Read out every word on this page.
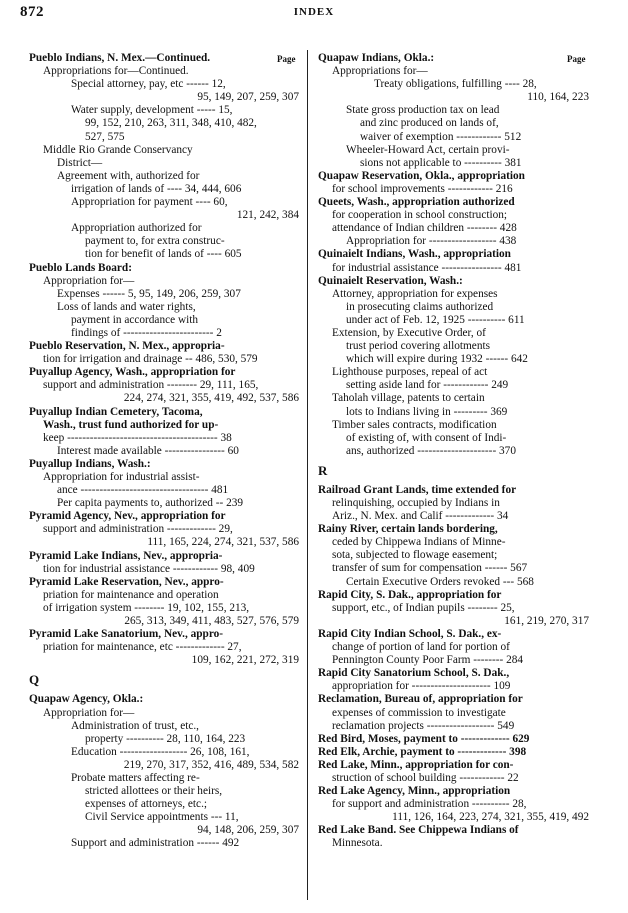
872	INDEX
Page	Page
Pueblo Indians, N. Mex.—Continued.
Appropriations for—Continued.
Special attorney, pay, etc ------ 12,
95, 149, 207, 259, 307
Water supply, development ----- 15,
99, 152, 210, 263, 311, 348, 410, 482,
527, 575
Middle Rio Grande Conservancy
District—
Agreement with, authorized for
irrigation of lands of ---- 34, 444, 606
Appropriation for payment ---- 60,
121, 242, 384
Appropriation authorized for
payment to, for extra construc-
tion for benefit of lands of ---- 605
Pueblo Lands Board:
Appropriation for—
Expenses ------ 5, 95, 149, 206, 259, 307
Loss of lands and water rights,
payment in accordance with
findings of ------------------------ 2
Pueblo Reservation, N. Mex., appropria-
tion for irrigation and drainage -- 486, 530, 579
Puyallup Agency, Wash., appropriation for
support and administration -------- 29, 111, 165,
224, 274, 321, 355, 419, 492, 537, 586
Puyallup Indian Cemetery, Tacoma,
Wash., trust fund authorized for up-
keep ---------------------------------------- 38
Interest made available ---------------- 60
Puyallup Indians, Wash.:
Appropriation for industrial assist-
ance ---------------------------------- 481
Per capita payments to, authorized -- 239
Pyramid Agency, Nev., appropriation for
support and administration ------------- 29,
111, 165, 224, 274, 321, 537, 586
Pyramid Lake Indians, Nev., appropria-
tion for industrial assistance ------------ 98, 409
Pyramid Lake Reservation, Nev., appro-
priation for maintenance and operation
of irrigation system -------- 19, 102, 155, 213,
265, 313, 349, 411, 483, 527, 576, 579
Pyramid Lake Sanatorium, Nev., appro-
priation for maintenance, etc ------------- 27,
109, 162, 221, 272, 319
Q
Quapaw Agency, Okla.:
Appropriation for—
Administration of trust, etc.,
property ---------- 28, 110, 164, 223
Education ------------------ 26, 108, 161,
219, 270, 317, 352, 416, 489, 534, 582
Probate matters affecting re-
stricted allottees or their heirs,
expenses of attorneys, etc.;
Civil Service appointments --- 11,
94, 148, 206, 259, 307
Support and administration ------ 492
Quapaw Indians, Okla.:
Appropriations for—
Treaty obligations, fulfilling ---- 28,
110, 164, 223
State gross production tax on lead
and zinc produced on lands of,
waiver of exemption ------------ 512
Wheeler-Howard Act, certain provi-
sions not applicable to ---------- 381
Quapaw Reservation, Okla., appropriation
for school improvements ------------ 216
Queets, Wash., appropriation authorized
for cooperation in school construction;
attendance of Indian children -------- 428
Appropriation for ------------------ 438
Quinaielt Indians, Wash., appropriation
for industrial assistance ---------------- 481
Quinaielt Reservation, Wash.:
Attorney, appropriation for expenses
in prosecuting claims authorized
under act of Feb. 12, 1925 ---------- 611
Extension, by Executive Order, of
trust period covering allotments
which will expire during 1932 ------ 642
Lighthouse purposes, repeal of act
setting aside land for ------------ 249
Taholah village, patents to certain
lots to Indians living in --------- 369
Timber sales contracts, modification
of existing of, with consent of Indi-
ans, authorized --------------------- 370
R
Railroad Grant Lands, time extended for
relinquishing, occupied by Indians in
Ariz., N. Mex. and Calif ------------- 34
Rainy River, certain lands bordering,
ceded by Chippewa Indians of Minne-
sota, subjected to flowage easement;
transfer of sum for compensation ------ 567
Certain Executive Orders revoked --- 568
Rapid City, S. Dak., appropriation for
support, etc., of Indian pupils -------- 25,
161, 219, 270, 317
Rapid City Indian School, S. Dak., ex-
change of portion of land for portion of
Pennington County Poor Farm -------- 284
Rapid City Sanatorium School, S. Dak.,
appropriation for --------------------- 109
Reclamation, Bureau of, appropriation for
expenses of commission to investigate
reclamation projects ------------------ 549
Red Bird, Moses, payment to ------------- 629
Red Elk, Archie, payment to ------------- 398
Red Lake, Minn., appropriation for con-
struction of school building ------------ 22
Red Lake Agency, Minn., appropriation
for support and administration ---------- 28,
111, 126, 164, 223, 274, 321, 355, 419, 492
Red Lake Band. See Chippewa Indians of
Minnesota.
